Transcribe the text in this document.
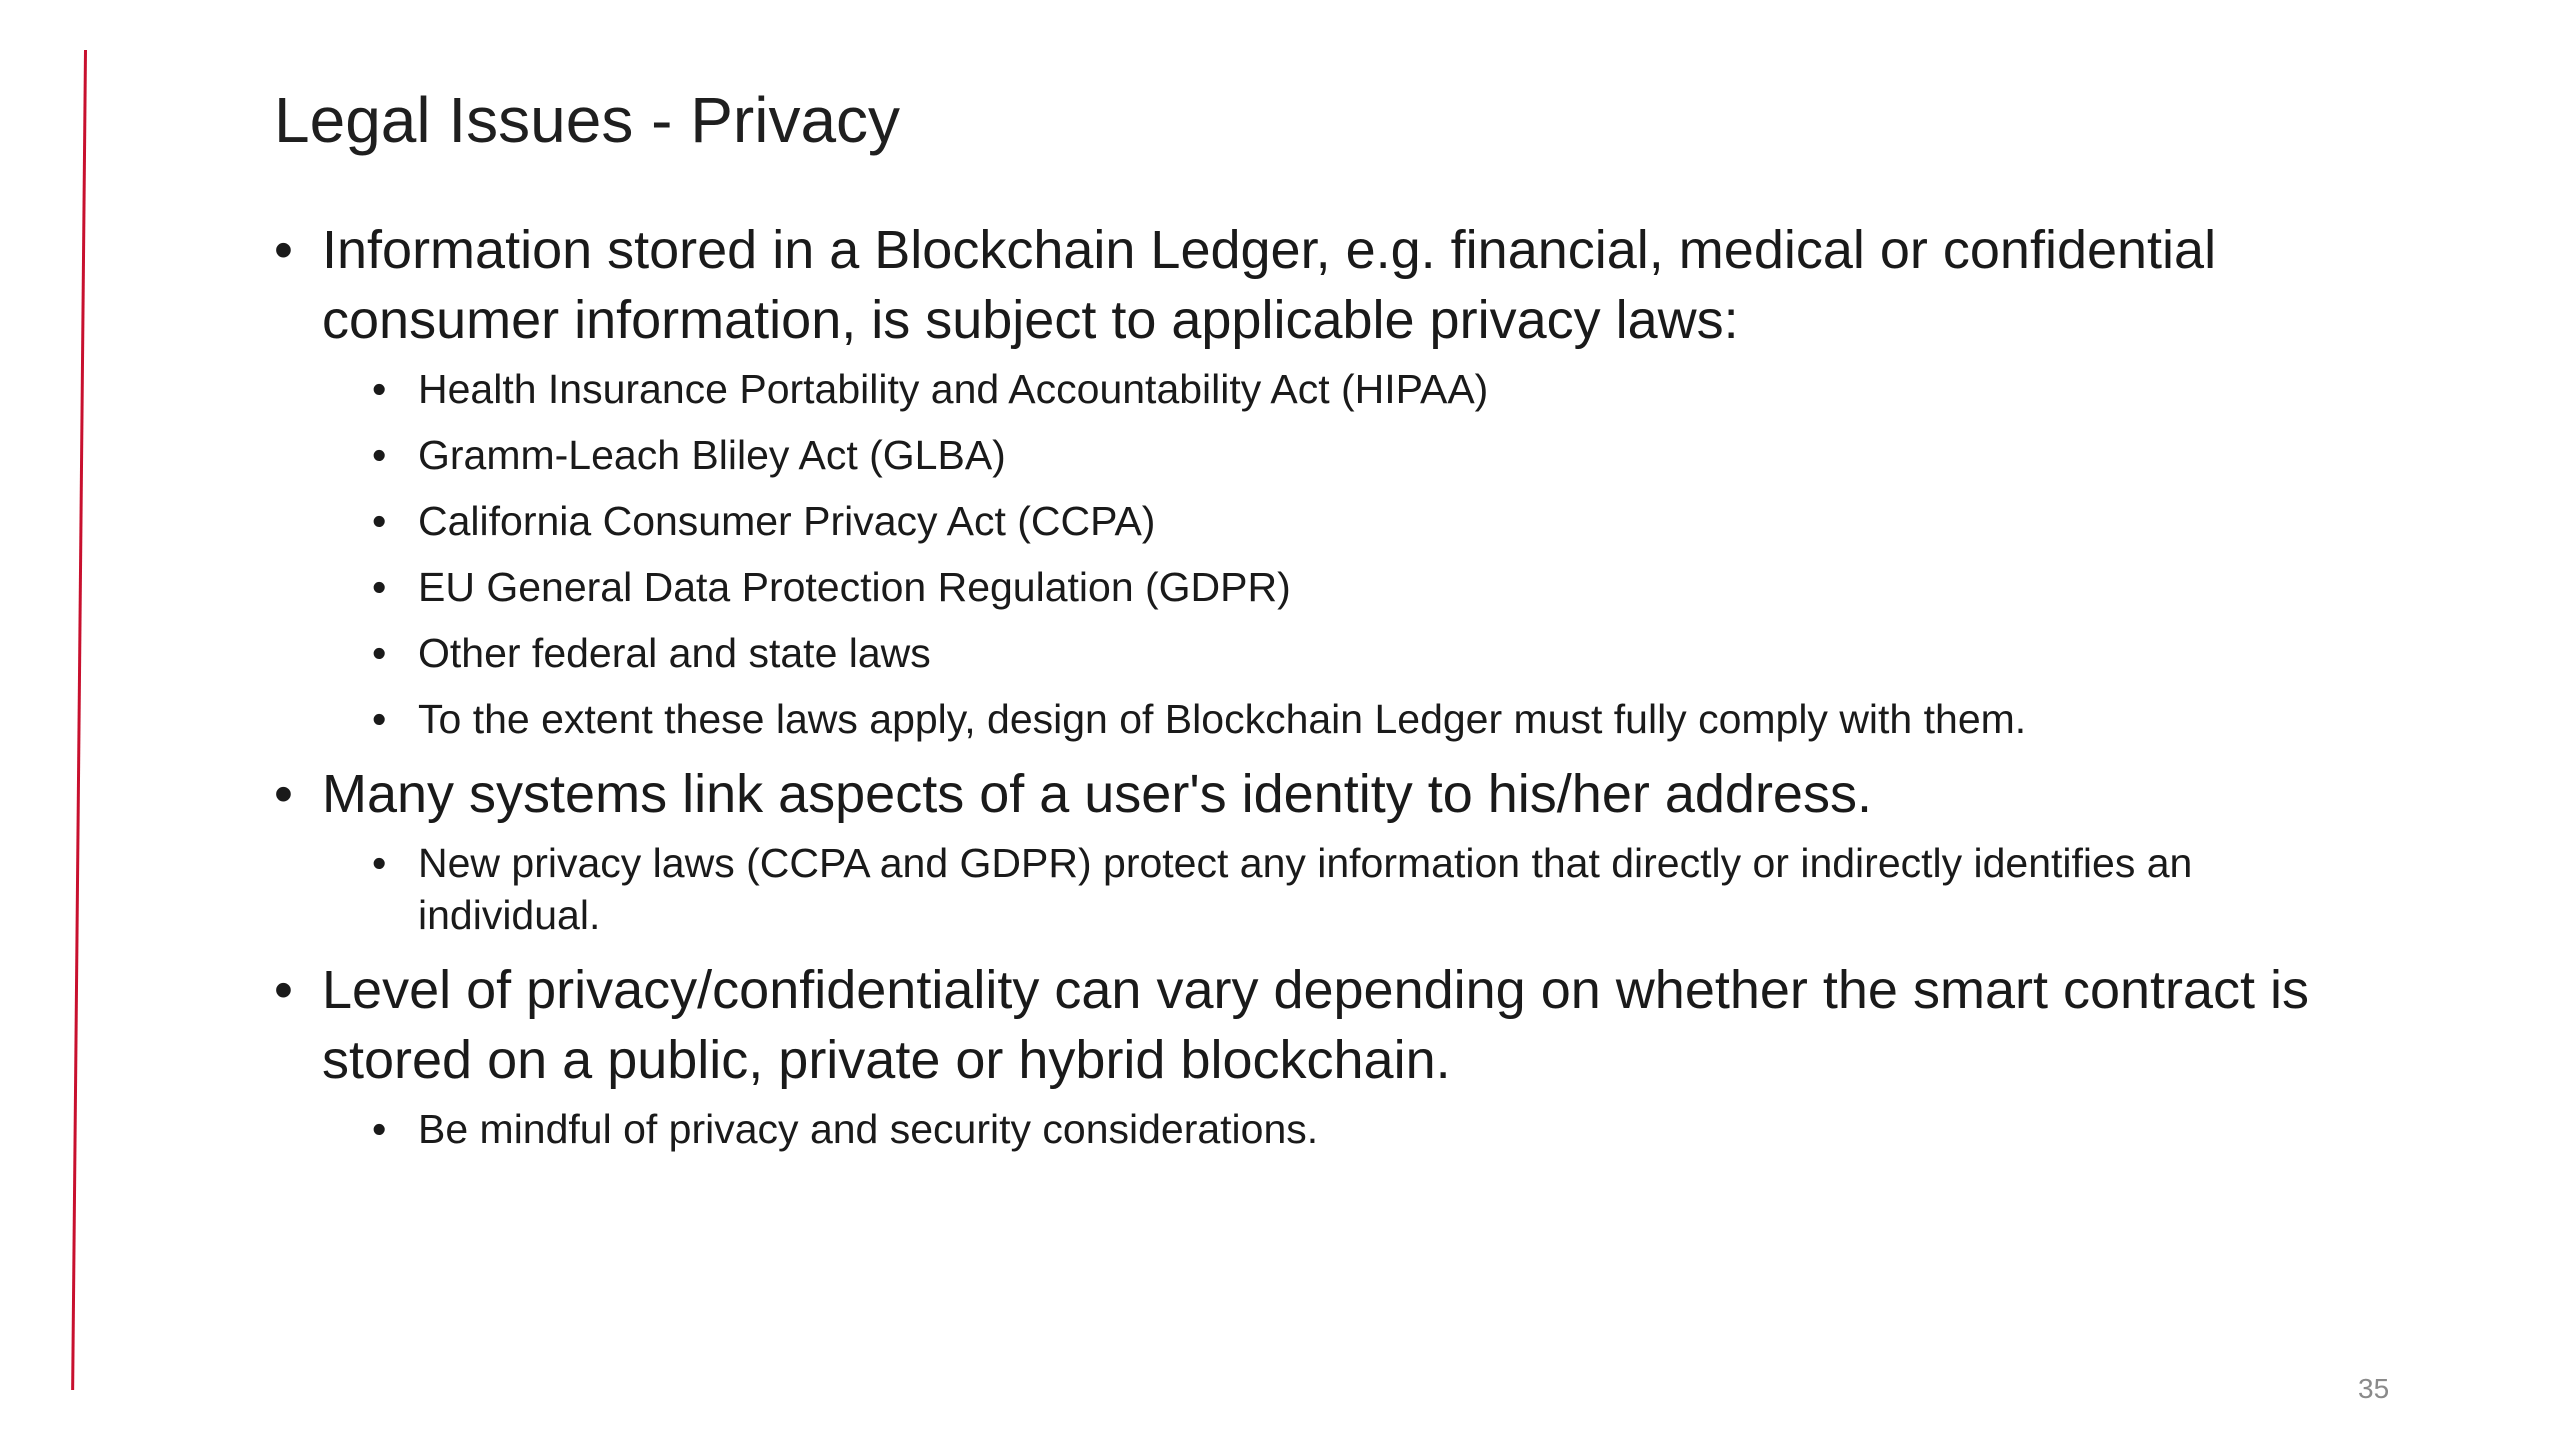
Legal Issues - Privacy
• Information stored in a Blockchain Ledger, e.g. financial, medical or confidential consumer information, is subject to applicable privacy laws:
• Health Insurance Portability and Accountability Act (HIPAA)
• Gramm-Leach Bliley Act (GLBA)
• California Consumer Privacy Act (CCPA)
• EU General Data Protection Regulation (GDPR)
• Other federal and state laws
• To the extent these laws apply, design of Blockchain Ledger must fully comply with them.
• Many systems link aspects of a user's identity to his/her address.
• New privacy laws (CCPA and GDPR) protect any information that directly or indirectly identifies an individual.
• Level of privacy/confidentiality can vary depending on whether the smart contract is stored on a public, private or hybrid blockchain.
• Be mindful of privacy and security considerations.
35
